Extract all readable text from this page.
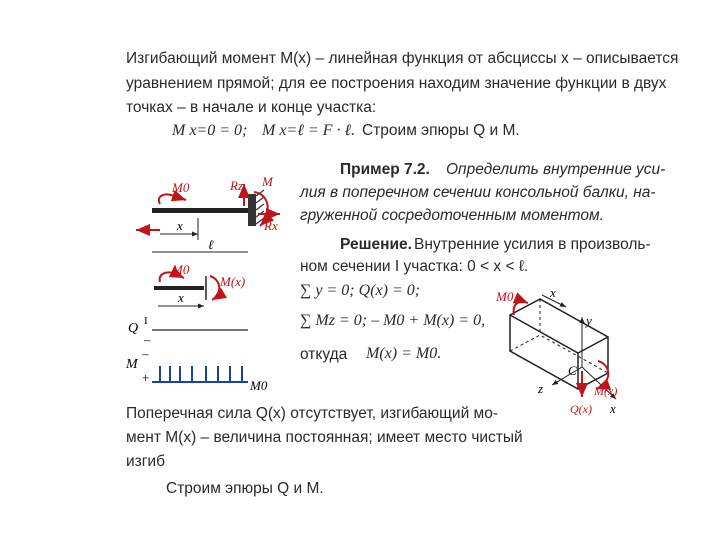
Изгибающий момент M(x) – линейная функция от абсциссы x – описывается
уравнением прямой; для ее построения находим значение функции в двух
точках – в начале и конце участка:
M x=0 = 0; M x=ℓ = F · ℓ. Строим эпюры Q и M.
Пример 7.2. Определить внутренние уси-
лия в поперечном сечении консольной балки, на-
груженной сосредоточенным моментом.
Решение. Внутренние усилия в произволь-
ном сечении I участка: 0 < x < ℓ.
∑ y = 0; Q(x) = 0;
∑ Mz = 0; – M0 + M(x) = 0,
откуда M(x) = M0.
Поперечная сила Q(x) отсутствует, изгибающий мо-
мент M(x) – величина постоянная; имеет место чистый
изгиб
Строим эпюры Q и M.
M0	Rz M
Rx
x
ℓ
M0
M(x)
x
Q I
–
M
–
+
M0
x
y
z
x
C
M0
M(x)
Q(x)
